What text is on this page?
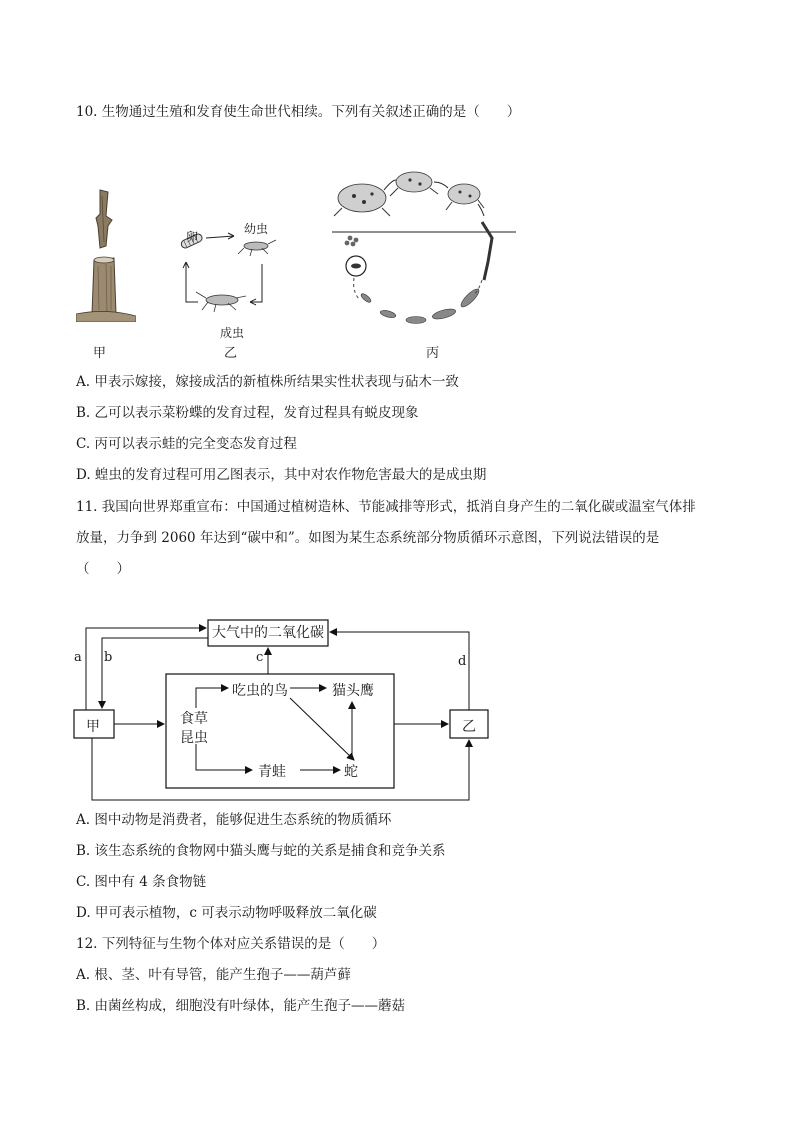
10. 生物通过生殖和发育使生命世代相续。下列有关叙述正确的是（　　）
甲
卵
幼虫
成虫
乙	丙
A. 甲表示嫁接，嫁接成活的新植株所结果实性状表现与砧木一致
B. 乙可以表示菜粉蝶的发育过程，发育过程具有蜕皮现象
C. 丙可以表示蛙的完全变态发育过程
D. 蝗虫的发育过程可用乙图表示，其中对农作物危害最大的是成虫期
11. 我国向世界郑重宣布：中国通过植树造林、节能减排等形式，抵消自身产生的二氧化碳或温室气体排
放量，力争到 2060 年达到“碳中和”。如图为某生态系统部分物质循环示意图，下列说法错误的是
（　　）
大气中的二氧化碳
甲	乙
a b	c	d
食草
昆虫
吃虫的鸟	猫头鹰
青蛙	蛇
A. 图中动物是消费者，能够促进生态系统的物质循环
B. 该生态系统的食物网中猫头鹰与蛇的关系是捕食和竞争关系
C. 图中有 4 条食物链
D. 甲可表示植物，c 可表示动物呼吸释放二氧化碳
12. 下列特征与生物个体对应关系错误的是（　　）
A. 根、茎、叶有导管，能产生孢子——葫芦藓
B. 由菌丝构成，细胞没有叶绿体，能产生孢子——蘑菇
